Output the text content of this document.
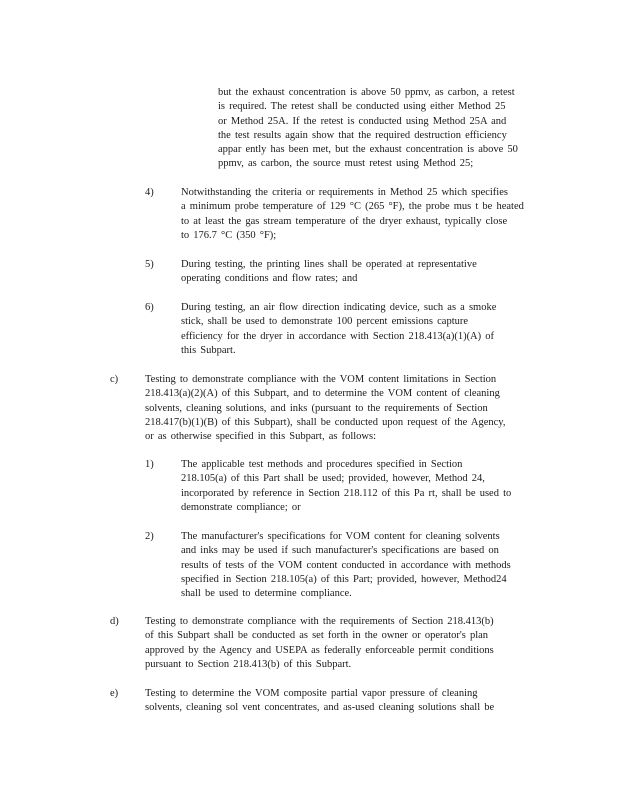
but the exhaust concentration is above 50 ppmv, as carbon, a retest
is required. The retest shall be conducted using either Method 25
or Method 25A. If the retest is conducted using Method 25A and
the test results again show that the required destruction efficiency
appar ently has been met, but the exhaust concentration is above 50
ppmv, as carbon, the source must retest using Method 25;
4)	Notwithstanding the criteria or requirements in Method 25 which specifies
a minimum probe temperature of 129 °C (265 °F), the probe mus t be heated
to at least the gas stream temperature of the dryer exhaust, typically close
to 176.7 °C (350 °F);
5)	During testing, the printing lines shall be operated at representative
operating conditions and flow rates; and
6)	During testing, an air flow direction indicating device, such as a smoke
stick, shall be used to demonstrate 100 percent emissions capture
efficiency for the dryer in accordance with Section 218.413(a)(1)(A) of
this Subpart.
c)	Testing to demonstrate compliance with the VOM content limitations in Section
218.413(a)(2)(A) of this Subpart, and to determine the VOM content of cleaning
solvents, cleaning solutions, and inks (pursuant to the requirements of Section
218.417(b)(1)(B) of this Subpart), shall be conducted upon request of the Agency,
or as otherwise specified in this Subpart, as follows:
1)	The applicable test methods and procedures specified in Section
218.105(a) of this Part shall be used; provided, however, Method 24,
incorporated by reference in Section 218.112 of this Pa rt, shall be used to
demonstrate compliance; or
2)	The manufacturer's specifications for VOM content for cleaning solvents
and inks may be used if such manufacturer's specifications are based on
results of tests of the VOM content conducted in accordance with methods
specified in Section 218.105(a) of this Part; provided, however, Method24
shall be used to determine compliance.
d)	Testing to demonstrate compliance with the requirements of Section 218.413(b)
of this Subpart shall be conducted as set forth in the owner or operator's plan
approved by the Agency and USEPA as federally enforceable permit conditions
pursuant to Section 218.413(b) of this Subpart.
e)	Testing to determine the VOM composite partial vapor pressure of cleaning
solvents, cleaning sol vent concentrates, and as-used cleaning solutions shall be
